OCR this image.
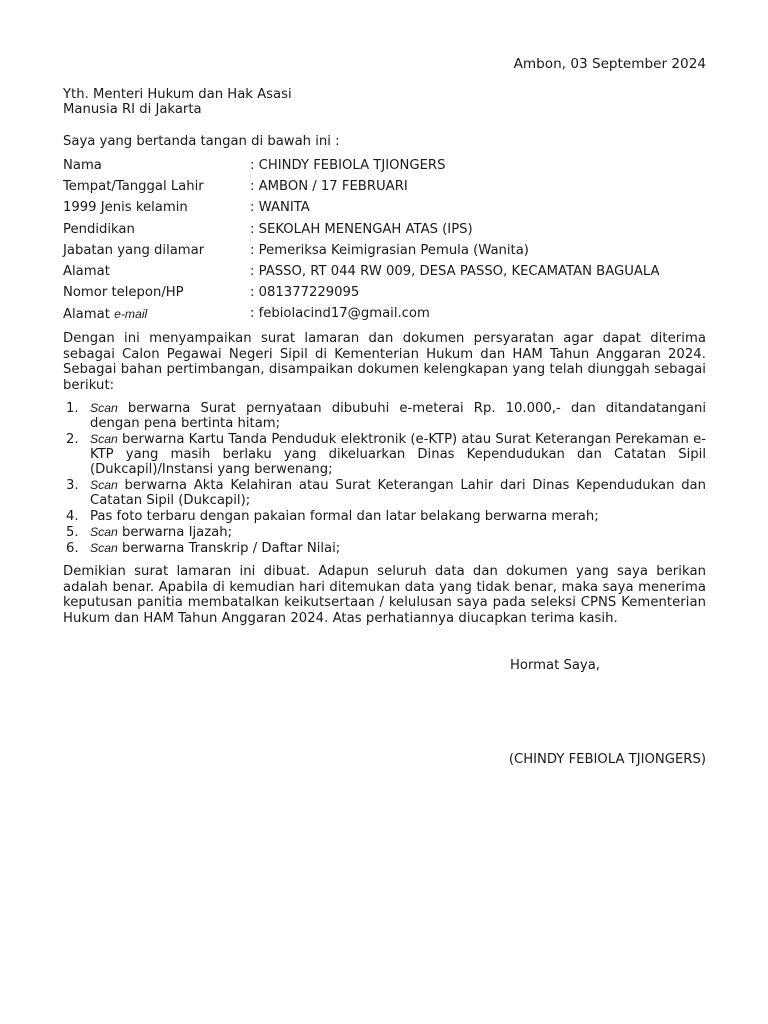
Ambon, 03 September 2024
Yth. Menteri Hukum dan Hak Asasi
Manusia RI di Jakarta
Saya yang bertanda tangan di bawah ini :
Nama	: CHINDY FEBIOLA TJIONGERS
Tempat/Tanggal Lahir	: AMBON / 17 FEBRUARI
1999 Jenis kelamin	: WANITA
Pendidikan	: SEKOLAH MENENGAH ATAS (IPS)
Jabatan yang dilamar	: Pemeriksa Keimigrasian Pemula (Wanita)
Alamat	: PASSO, RT 044 RW 009, DESA PASSO, KECAMATAN BAGUALA
Nomor telepon/HP	: 081377229095
Alamat e-mail	: febiolacind17@gmail.com
Dengan ini menyampaikan surat lamaran dan dokumen persyaratan agar dapat diterima sebagai Calon Pegawai Negeri Sipil di Kementerian Hukum dan HAM Tahun Anggaran 2024. Sebagai bahan pertimbangan, disampaikan dokumen kelengkapan yang telah diunggah sebagai berikut:
1. Scan berwarna Surat pernyataan dibubuhi e-meterai Rp. 10.000,- dan ditandatangani dengan pena bertinta hitam;
2. Scan berwarna Kartu Tanda Penduduk elektronik (e-KTP) atau Surat Keterangan Perekaman e-KTP yang masih berlaku yang dikeluarkan Dinas Kependudukan dan Catatan Sipil (Dukcapil)/Instansi yang berwenang;
3. Scan berwarna Akta Kelahiran atau Surat Keterangan Lahir dari Dinas Kependudukan dan Catatan Sipil (Dukcapil);
4. Pas foto terbaru dengan pakaian formal dan latar belakang berwarna merah;
5. Scan berwarna Ijazah;
6. Scan berwarna Transkrip / Daftar Nilai;
Demikian surat lamaran ini dibuat. Adapun seluruh data dan dokumen yang saya berikan adalah benar. Apabila di kemudian hari ditemukan data yang tidak benar, maka saya menerima keputusan panitia membatalkan keikutsertaan / kelulusan saya pada seleksi CPNS Kementerian Hukum dan HAM Tahun Anggaran 2024. Atas perhatiannya diucapkan terima kasih.
Hormat Saya,
(CHINDY FEBIOLA TJIONGERS)
